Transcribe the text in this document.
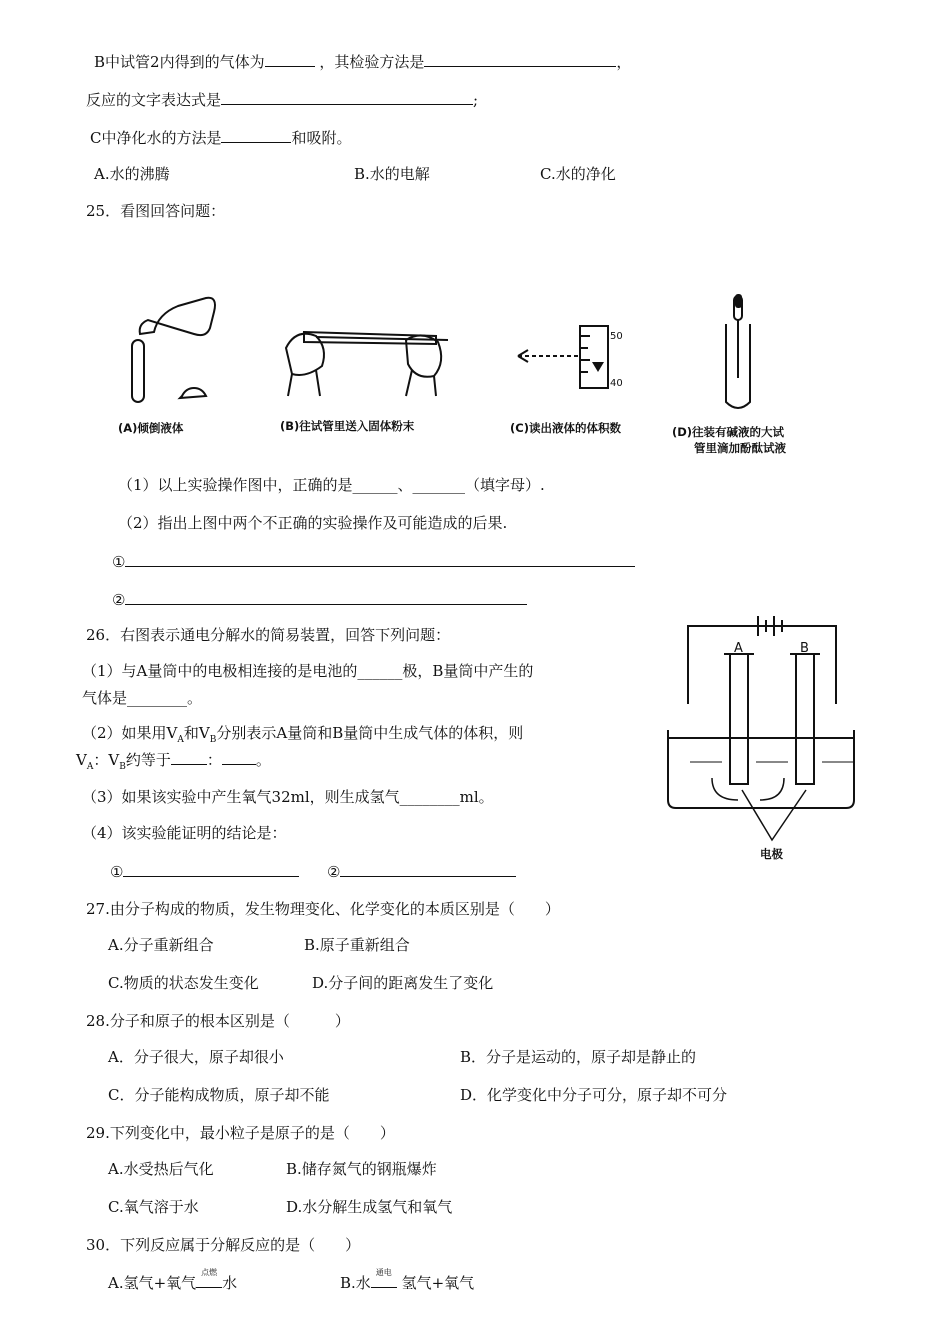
B中试管2内得到的气体为	，其检验方法是	，
反应的文字表达式是	;
C中净化水的方法是	和吸附。
A.水的沸腾	B.水的电解	C.水的净化
25．看图回答问题：
(A)倾倒液体	(B)往试管里送入固体粉末
50
40
(C)读出液体的体积数	(D)往装有碱液的大试
管里滴加酚酞试液
（1）以上实验操作图中，正确的是______、_______（填字母）.
（2）指出上图中两个不正确的实验操作及可能造成的后果.
①
②
26．右图表示通电分解水的简易装置，回答下列问题：
（1）与A量筒中的电极相连接的是电池的______极，B量筒中产生的
气体是________。
（2）如果用$V_A$和$V_B$分别表示A量筒和B量筒中生成气体的体积，则
$V_A$：$V_B$约等于 ： 。
（3）如果该实验中产生氧气32ml，则生成氢气________ml。
（4）该实验能证明的结论是：
①	②
A	B
电极
27.由分子构成的物质，发生物理变化、化学变化的本质区别是（　　）
A.分子重新组合	B.原子重新组合
C.物质的状态发生变化	D.分子间的距离发生了变化
28.分子和原子的根本区别是（　　　）
A．分子很大，原子却很小	B．分子是运动的，原子却是静止的
C．分子能构成物质，原子却不能	D．化学变化中分子可分，原子却不可分
29.下列变化中，最小粒子是原子的是（　　）
A.水受热后气化	B.储存氮气的钢瓶爆炸
C.氧气溶于水	D.水分解生成氢气和氧气
30．下列反应属于分解反应的是（　　）
A.氢气+氧气
点燃
水	B.水
通电
氢气+氧气
